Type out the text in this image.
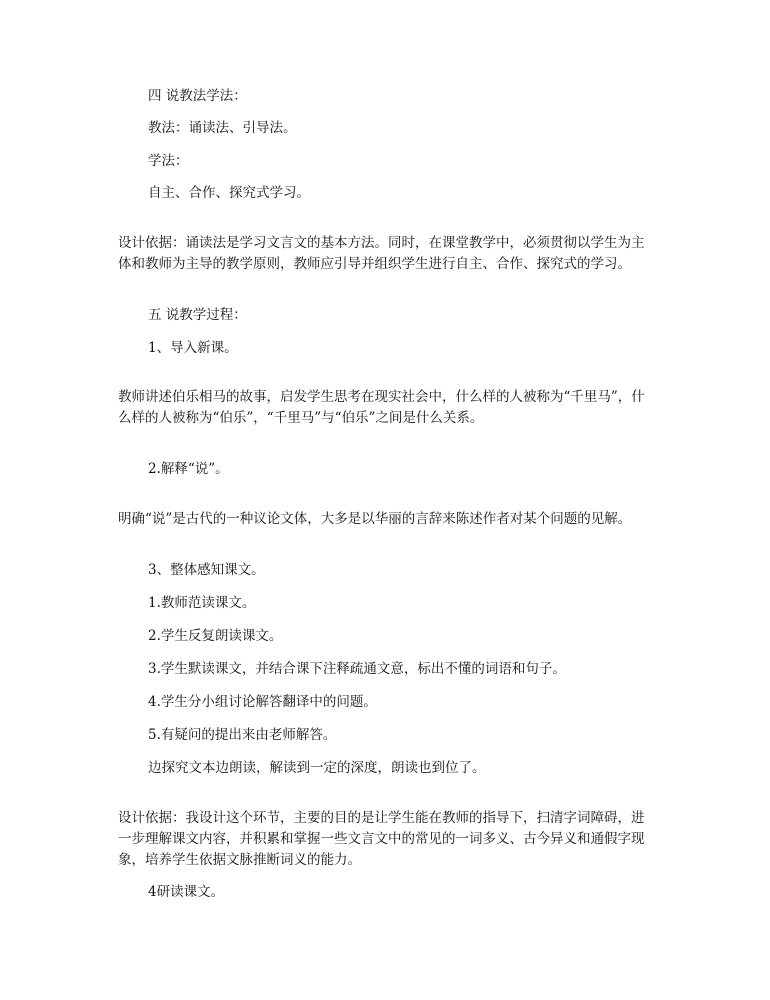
四 说教法学法：

教法：诵读法、引导法。

学法：

自主、合作、探究式学习。

设计依据：诵读法是学习文言文的基本方法。同时，在课堂教学中，必须贯彻以学生为主体和教师为主导的教学原则，教师应引导并组织学生进行自主、合作、探究式的学习。

五 说教学过程：

1、导入新课。

教师讲述伯乐相马的故事，启发学生思考在现实社会中，什么样的人被称为“千里马”，什么样的人被称为“伯乐”，“千里马”与“伯乐”之间是什么关系。

2.解释“说”。

明确“说”是古代的一种议论文体，大多是以华丽的言辞来陈述作者对某个问题的见解。

3、整体感知课文。

1.教师范读课文。

2.学生反复朗读课文。

3.学生默读课文，并结合课下注释疏通文意，标出不懂的词语和句子。

4.学生分小组讨论解答翻译中的问题。

5.有疑问的提出来由老师解答。

边探究文本边朗读，解读到一定的深度，朗读也到位了。

设计依据：我设计这个环节，主要的目的是让学生能在教师的指导下，扫清字词障碍，进一步理解课文内容，并积累和掌握一些文言文中的常见的一词多义、古今异义和通假字现象，培养学生依据文脉推断词义的能力。

4研读课文。
